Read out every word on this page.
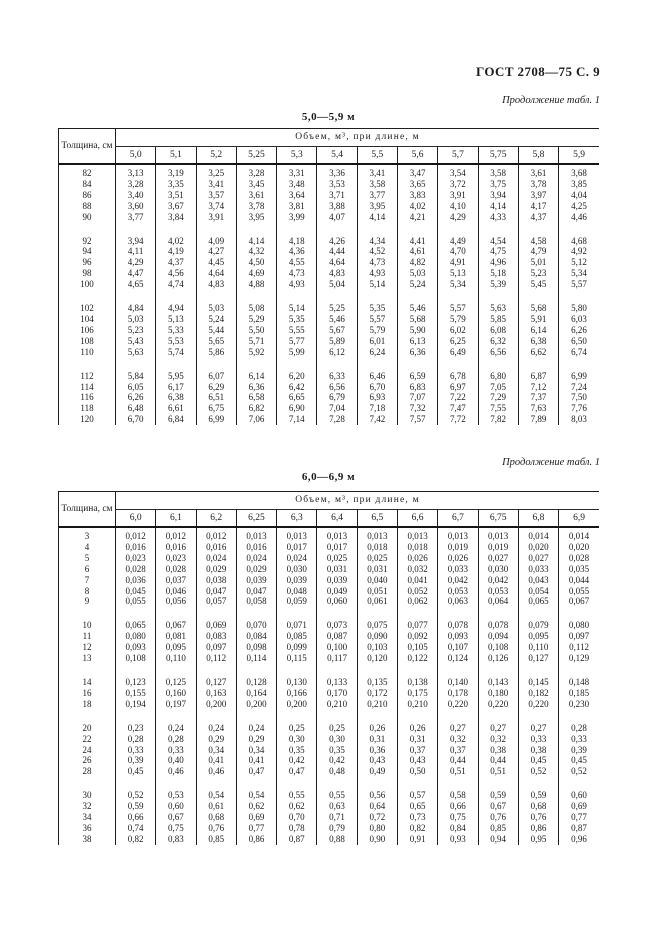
ГОСТ 2708—75 С. 9
Продолжение табл. 1
5,0—5,9 м
Толщина, см	Объем, м³, при длине, м											
	5,0	5,1	5,2	5,25	5,3	5,4	5,5	5,6	5,7	5,75	5,8	5,9
82	3,13	3,19	3,25	3,28	3,31	3,36	3,41	3,47	3,54	3,58	3,61	3,68
84	3,28	3,35	3,41	3,45	3,48	3,53	3,58	3,65	3,72	3,75	3,78	3,85
86	3,40	3,51	3,57	3,61	3,64	3,71	3,77	3,83	3,91	3,94	3,97	4,04
88	3,60	3,67	3,74	3,78	3,81	3,88	3,95	4,02	4,10	4,14	4,17	4,25
90	3,77	3,84	3,91	3,95	3,99	4,07	4,14	4,21	4,29	4,33	4,37	4,46

92	3,94	4,02	4,09	4,14	4,18	4,26	4,34	4,41	4,49	4,54	4,58	4,68
94	4,11	4,19	4,27	4,32	4,36	4,44	4,52	4,61	4,70	4,75	4,79	4,92
96	4,29	4,37	4,45	4,50	4,55	4,64	4,73	4,82	4,91	4,96	5,01	5,12
98	4,47	4,56	4,64	4,69	4,73	4,83	4,93	5,03	5,13	5,18	5,23	5,34
100	4,65	4,74	4,83	4,88	4,93	5,04	5,14	5,24	5,34	5,39	5,45	5,57

102	4,84	4,94	5,03	5,08	5,14	5,25	5,35	5,46	5,57	5,63	5,68	5,80
104	5,03	5,13	5,24	5,29	5,35	5,46	5,57	5,68	5,79	5,85	5,91	6,03
106	5,23	5,33	5,44	5,50	5,55	5,67	5,79	5,90	6,02	6,08	6,14	6,26
108	5,43	5,53	5,65	5,71	5,77	5,89	6,01	6,13	6,25	6,32	6,38	6,50
110	5,63	5,74	5,86	5,92	5,99	6,12	6,24	6,36	6,49	6,56	6,62	6,74

112	5,84	5,95	6,07	6,14	6,20	6,33	6,46	6,59	6,78	6,80	6,87	6,99
114	6,05	6,17	6,29	6,36	6,42	6,56	6,70	6,83	6,97	7,05	7,12	7,24
116	6,26	6,38	6,51	6,58	6,65	6,79	6,93	7,07	7,22	7,29	7,37	7,50
118	6,48	6,61	6,75	6,82	6,90	7,04	7,18	7,32	7,47	7,55	7,63	7,76
120	6,70	6,84	6,99	7,06	7,14	7,28	7,42	7,57	7,72	7,82	7,89	8,03
Продолжение табл. 1
6,0—6,9 м
Толщина, см	Объем, м³, при длине, м											
	6,0	6,1	6,2	6,25	6,3	6,4	6,5	6,6	6,7	6,75	6,8	6,9
3	0,012	0,012	0,012	0,013	0,013	0,013	0,013	0,013	0,013	0,013	0,014	0,014
4	0,016	0,016	0,016	0,016	0,017	0,017	0,018	0,018	0,019	0,019	0,020	0,020
5	0,023	0,023	0,024	0,024	0,024	0,025	0,025	0,026	0,026	0,027	0,027	0,028
6	0,028	0,028	0,029	0,029	0,030	0,031	0,031	0,032	0,033	0,030	0,033	0,035
7	0,036	0,037	0,038	0,039	0,039	0,039	0,040	0,041	0,042	0,042	0,043	0,044
8	0,045	0,046	0,047	0,047	0,048	0,049	0,051	0,052	0,053	0,053	0,054	0,055
9	0,055	0,056	0,057	0,058	0,059	0,060	0,061	0,062	0,063	0,064	0,065	0,067

10	0,065	0,067	0,069	0,070	0,071	0,073	0,075	0,077	0,078	0,078	0,079	0,080
11	0,080	0,081	0,083	0,084	0,085	0,087	0,090	0,092	0,093	0,094	0,095	0,097
12	0,093	0,095	0,097	0,098	0,099	0,100	0,103	0,105	0,107	0,108	0,110	0,112
13	0,108	0,110	0,112	0,114	0,115	0,117	0,120	0,122	0,124	0,126	0,127	0,129

14	0,123	0,125	0,127	0,128	0,130	0,133	0,135	0,138	0,140	0,143	0,145	0,148
16	0,155	0,160	0,163	0,164	0,166	0,170	0,172	0,175	0,178	0,180	0,182	0,185
18	0,194	0,197	0,200	0,200	0,200	0,210	0,210	0,210	0,220	0,220	0,220	0,230

20	0,23	0,24	0,24	0,24	0,25	0,25	0,26	0,26	0,27	0,27	0,27	0,28
22	0,28	0,28	0,29	0,29	0,30	0,30	0,31	0,31	0,32	0,32	0,33	0,33
24	0,33	0,33	0,34	0,34	0,35	0,35	0,36	0,37	0,37	0,38	0,38	0,39
26	0,39	0,40	0,41	0,41	0,42	0,42	0,43	0,43	0,44	0,44	0,45	0,45
28	0,45	0,46	0,46	0,47	0,47	0,48	0,49	0,50	0,51	0,51	0,52	0,52

30	0,52	0,53	0,54	0,54	0,55	0,55	0,56	0,57	0,58	0,59	0,59	0,60
32	0,59	0,60	0,61	0,62	0,62	0,63	0,64	0,65	0,66	0,67	0,68	0,69
34	0,66	0,67	0,68	0,69	0,70	0,71	0,72	0,73	0,75	0,76	0,76	0,77
36	0,74	0,75	0,76	0,77	0,78	0,79	0,80	0,82	0,84	0,85	0,86	0,87
38	0,82	0,83	0,85	0,86	0,87	0,88	0,90	0,91	0,93	0,94	0,95	0,96
